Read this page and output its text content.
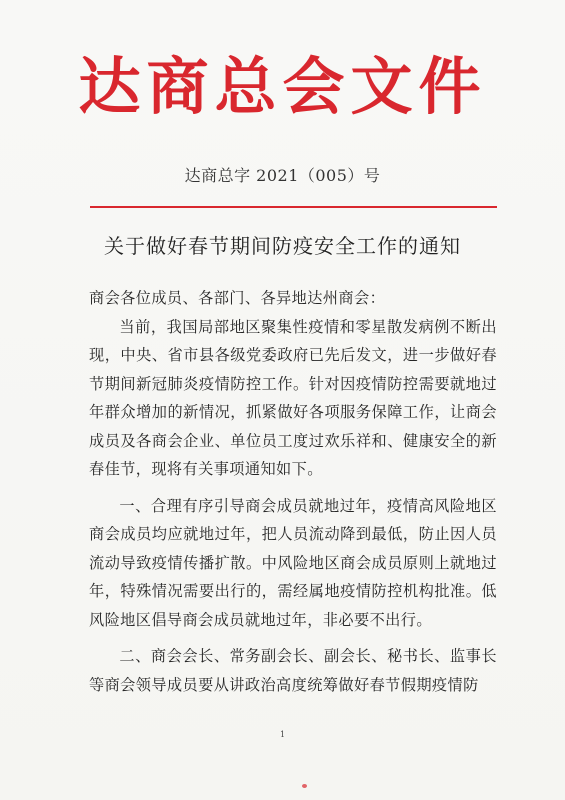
达商总会文件
达商总字 2021（005）号
关于做好春节期间防疫安全工作的通知

商会各位成员、各部门、各异地达州商会：

当前，我国局部地区聚集性疫情和零星散发病例不断出现，中央、省市县各级党委政府已先后发文，进一步做好春节期间新冠肺炎疫情防控工作。针对因疫情防控需要就地过年群众增加的新情况，抓紧做好各项服务保障工作，让商会成员及各商会企业、单位员工度过欢乐祥和、健康安全的新春佳节，现将有关事项通知如下。

一、合理有序引导商会成员就地过年，疫情高风险地区商会成员均应就地过年，把人员流动降到最低，防止因人员流动导致疫情传播扩散。中风险地区商会成员原则上就地过年，特殊情况需要出行的，需经属地疫情防控机构批准。低风险地区倡导商会成员就地过年，非必要不出行。

二、商会会长、常务副会长、副会长、秘书长、监事长等商会领导成员要从讲政治高度统筹做好春节假期疫情防

1
